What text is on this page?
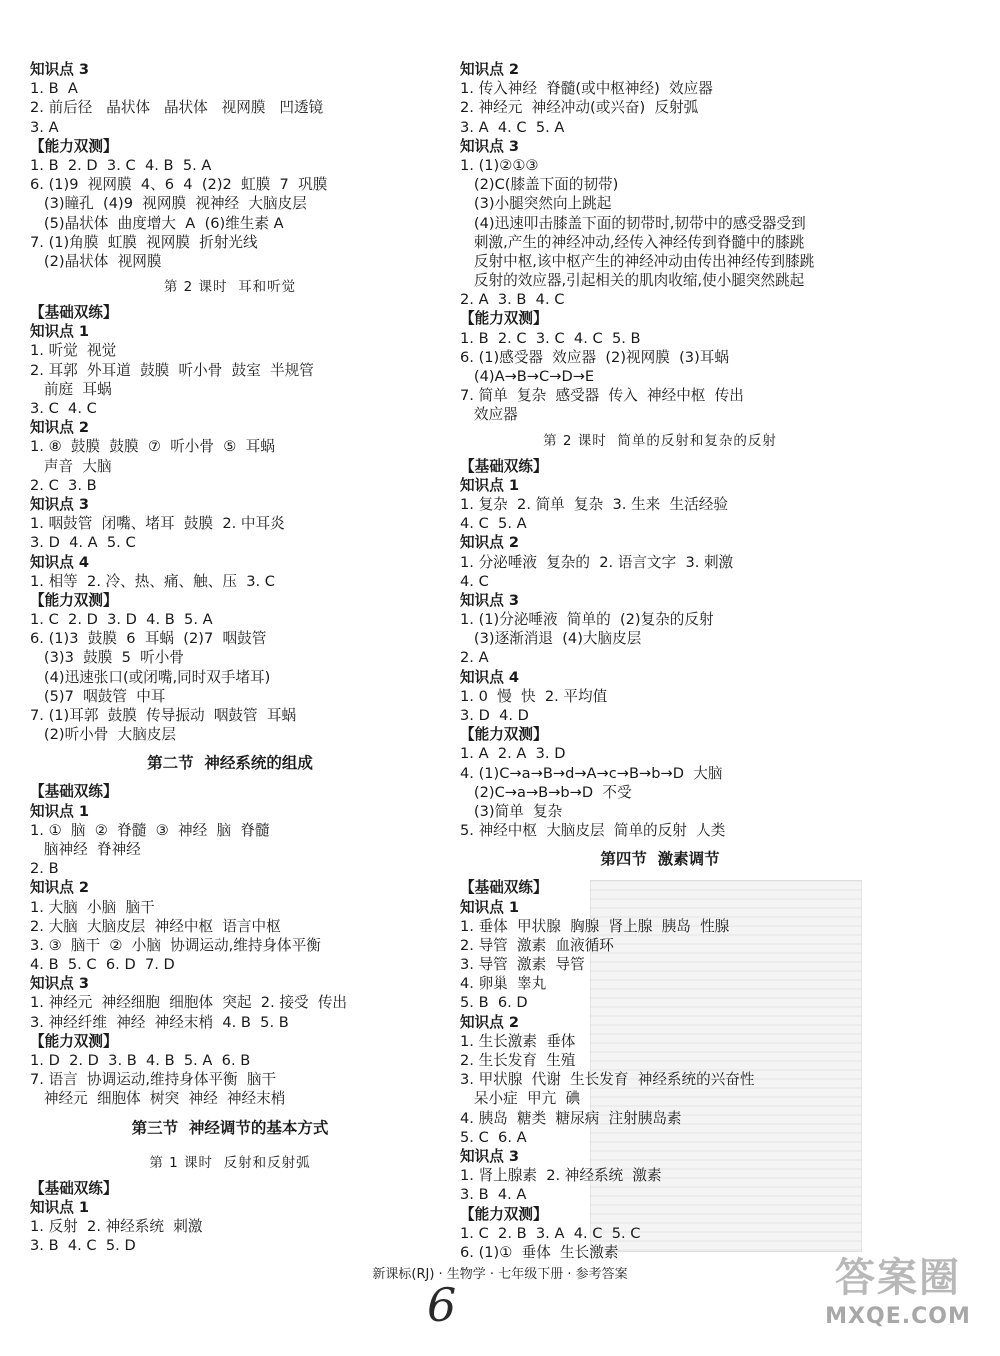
知识点 3
1. B  A
2. 前后径   晶状体   晶状体   视网膜   凹透镜
3. A
【能力双测】
1. B  2. D  3. C  4. B  5. A
6. (1)9  视网膜  4、6  4  (2)2  虹膜  7  巩膜
(3)瞳孔  (4)9  视网膜  视神经  大脑皮层
(5)晶状体  曲度增大  A  (6)维生素 A
7. (1)角膜  虹膜  视网膜  折射光线
(2)晶状体  视网膜
第 2 课时  耳和听觉
【基础双练】
知识点 1
1. 听觉  视觉
2. 耳郭  外耳道  鼓膜  听小骨  鼓室  半规管
前庭  耳蜗
3. C  4. C
知识点 2
1. ⑧  鼓膜  鼓膜  ⑦  听小骨  ⑤  耳蜗
声音  大脑
2. C  3. B
知识点 3
1. 咽鼓管  闭嘴、堵耳  鼓膜  2. 中耳炎
3. D  4. A  5. C
知识点 4
1. 相等  2. 冷、热、痛、触、压  3. C
【能力双测】
1. C  2. D  3. D  4. B  5. A
6. (1)3  鼓膜  6  耳蜗  (2)7  咽鼓管
(3)3  鼓膜  5  听小骨
(4)迅速张口(或闭嘴,同时双手堵耳)
(5)7  咽鼓管  中耳
7. (1)耳郭  鼓膜  传导振动  咽鼓管  耳蜗
(2)听小骨  大脑皮层
第二节  神经系统的组成
【基础双练】
知识点 1
1. ①  脑  ②  脊髓  ③  神经  脑  脊髓
脑神经  脊神经
2. B
知识点 2
1. 大脑  小脑  脑干
2. 大脑  大脑皮层  神经中枢  语言中枢
3. ③  脑干  ②  小脑  协调运动,维持身体平衡
4. B  5. C  6. D  7. D
知识点 3
1. 神经元  神经细胞  细胞体  突起  2. 接受  传出
3. 神经纤维  神经  神经末梢  4. B  5. B
【能力双测】
1. D  2. D  3. B  4. B  5. A  6. B
7. 语言  协调运动,维持身体平衡  脑干
神经元  细胞体  树突  神经  神经末梢
第三节  神经调节的基本方式
第 1 课时  反射和反射弧
【基础双练】
知识点 1
1. 反射  2. 神经系统  刺激
3. B  4. C  5. D
知识点 2
1. 传入神经  脊髓(或中枢神经)  效应器
2. 神经元  神经冲动(或兴奋)  反射弧
3. A  4. C  5. A
知识点 3
1. (1)②①③
(2)C(膝盖下面的韧带)
(3)小腿突然向上跳起
(4)迅速叩击膝盖下面的韧带时,韧带中的感受器受到
刺激,产生的神经冲动,经传入神经传到脊髓中的膝跳
反射中枢,该中枢产生的神经冲动由传出神经传到膝跳
反射的效应器,引起相关的肌肉收缩,使小腿突然跳起
2. A  3. B  4. C
【能力双测】
1. B  2. C  3. C  4. C  5. B
6. (1)感受器  效应器  (2)视网膜  (3)耳蜗
(4)A→B→C→D→E
7. 简单  复杂  感受器  传入  神经中枢  传出
效应器
第 2 课时  简单的反射和复杂的反射
【基础双练】
知识点 1
1. 复杂  2. 简单  复杂  3. 生来  生活经验
4. C  5. A
知识点 2
1. 分泌唾液  复杂的  2. 语言文字  3. 刺激
4. C
知识点 3
1. (1)分泌唾液  简单的  (2)复杂的反射
(3)逐渐消退  (4)大脑皮层
2. A
知识点 4
1. 0  慢  快  2. 平均值
3. D  4. D
【能力双测】
1. A  2. A  3. D
4. (1)C→a→B→d→A→c→B→b→D  大脑
(2)C→a→B→b→D  不受
(3)简单  复杂
5. 神经中枢  大脑皮层  简单的反射  人类
第四节  激素调节
【基础双练】
知识点 1
1. 垂体  甲状腺  胸腺  肾上腺  胰岛  性腺
2. 导管  激素  血液循环
3. 导管  激素  导管
4. 卵巢  睾丸
5. B  6. D
知识点 2
1. 生长激素  垂体
2. 生长发育  生殖
3. 甲状腺  代谢  生长发育  神经系统的兴奋性
呆小症  甲亢  碘
4. 胰岛  糖类  糖尿病  注射胰岛素
5. C  6. A
知识点 3
1. 肾上腺素  2. 神经系统  激素
3. B  4. A
【能力双测】
1. C  2. B  3. A  4. C  5. C
6. (1)①  垂体  生长激素
新课标(RJ) · 生物学 · 七年级下册 · 参考答案
6	答案圈
MXQE.COM
